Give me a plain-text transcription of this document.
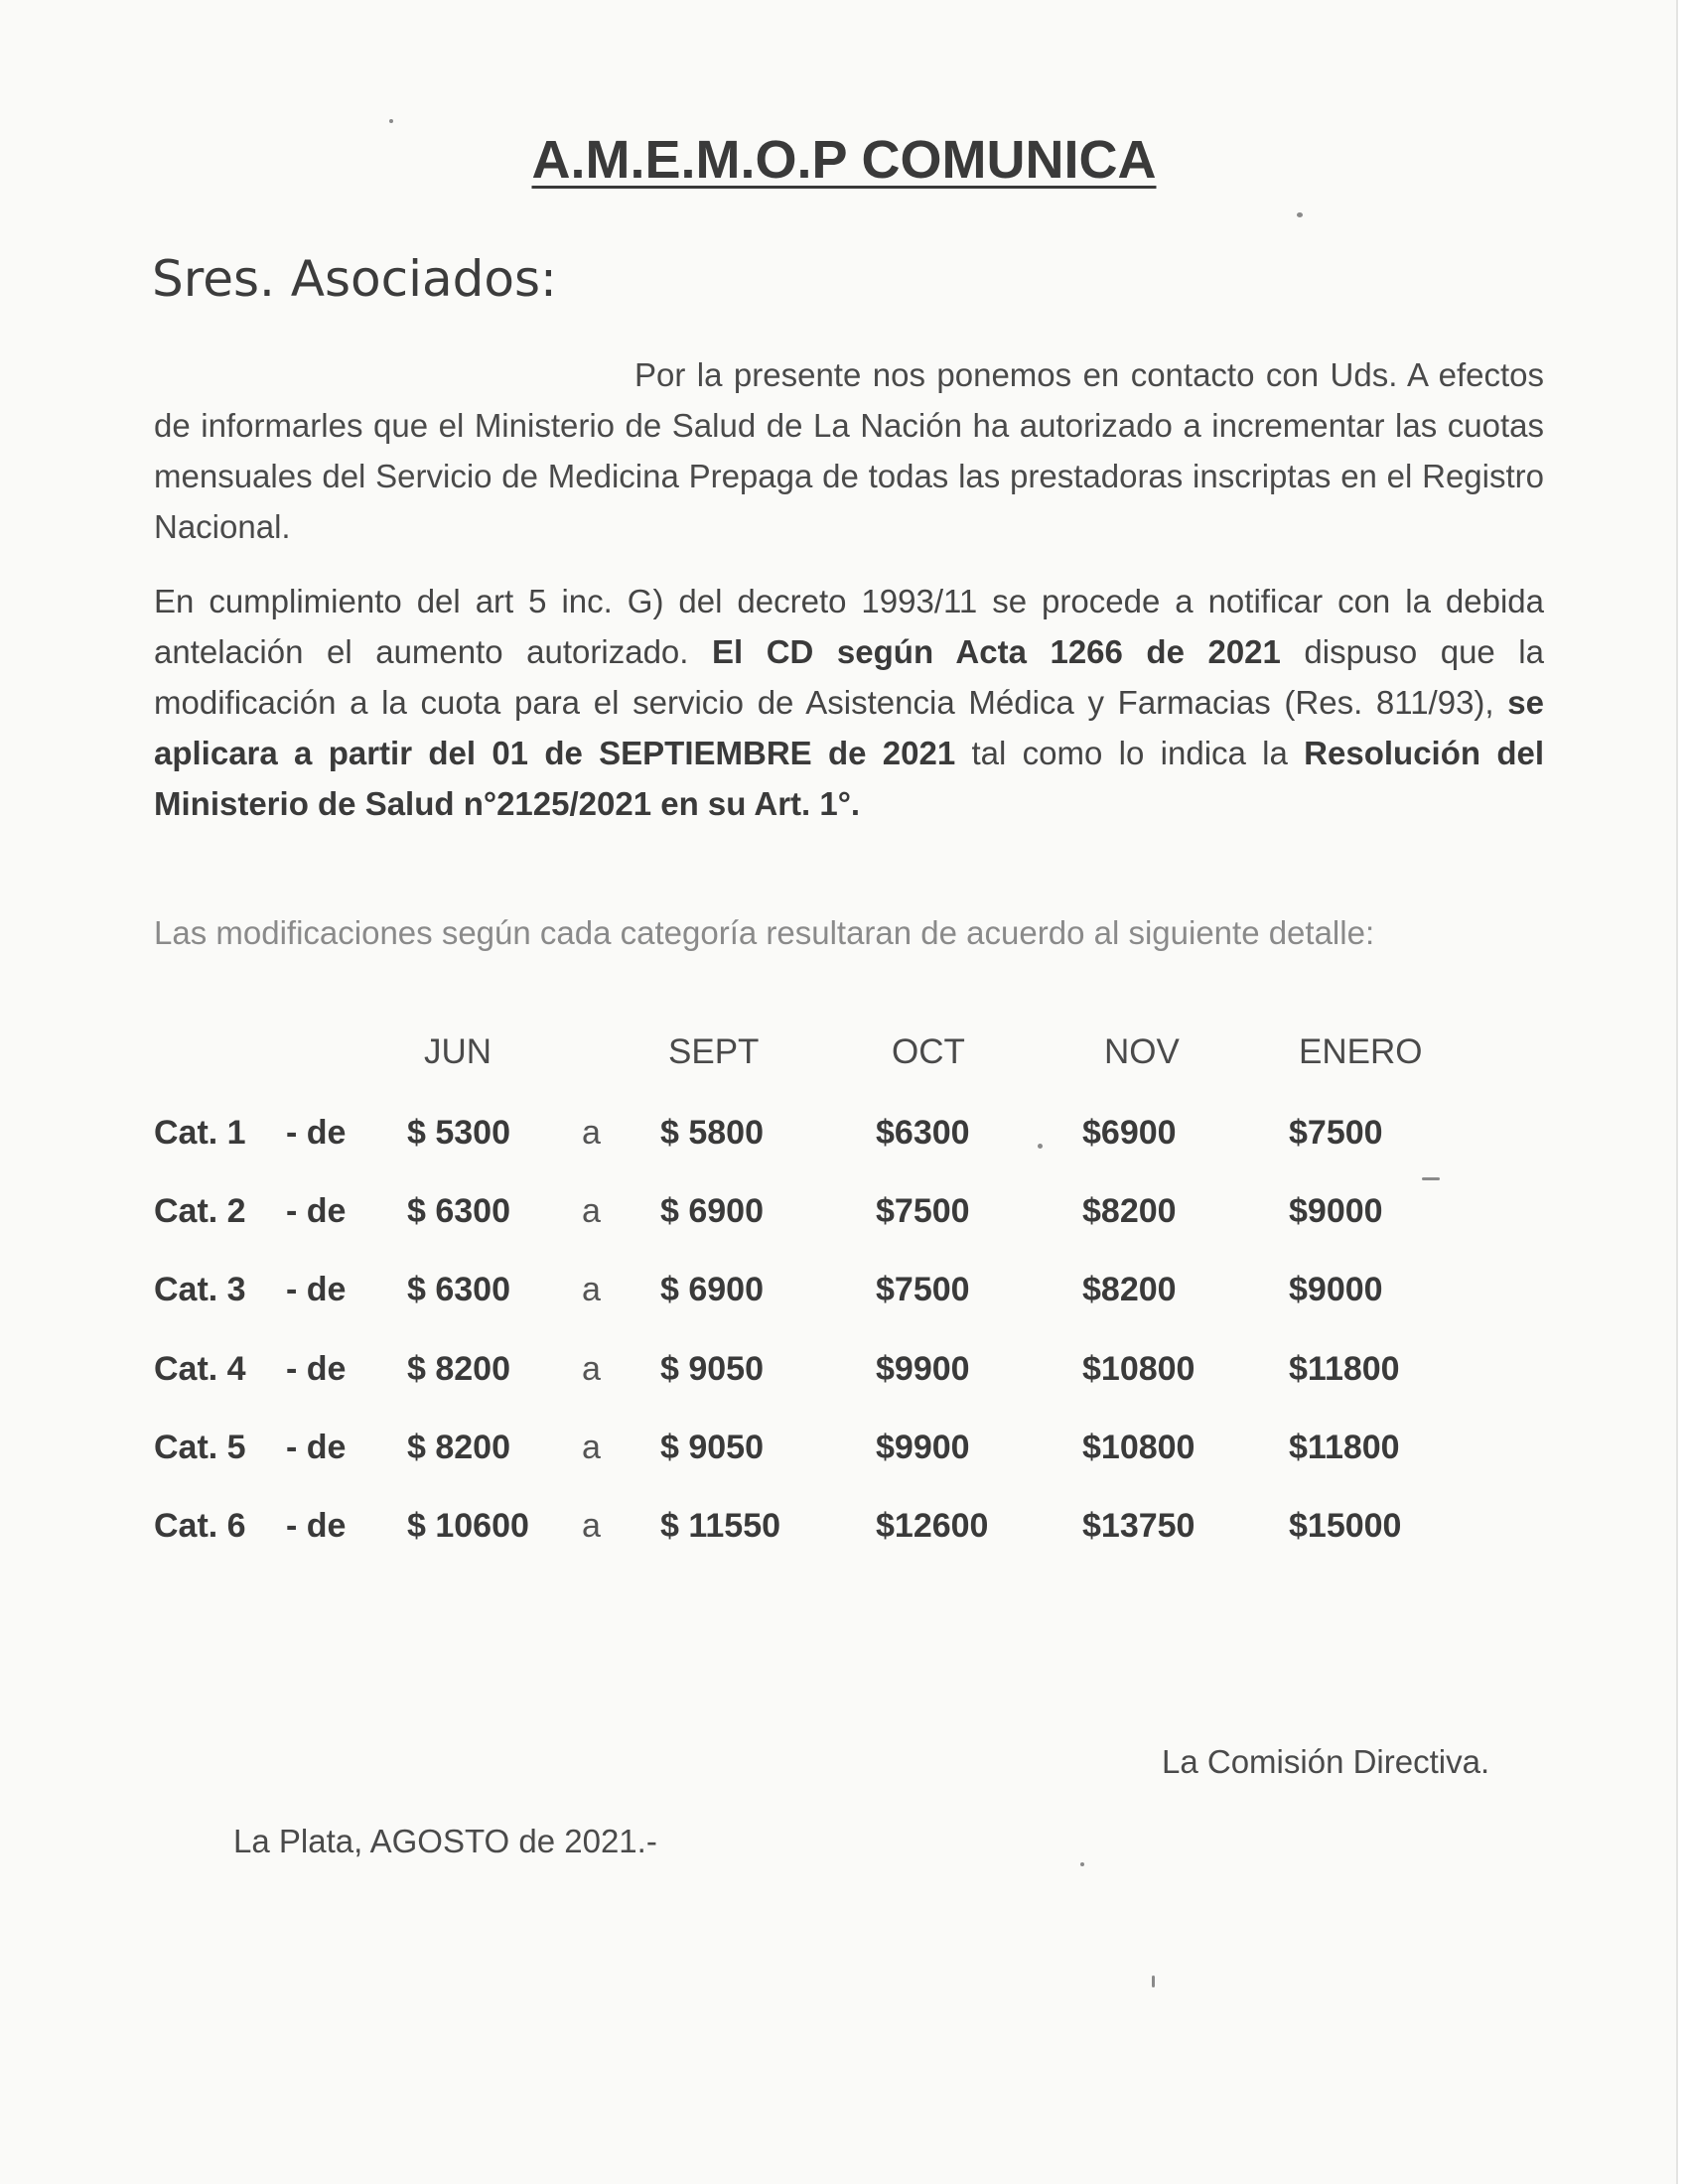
A.M.E.M.O.P COMUNICA
Sres. Asociados:
Por la presente nos ponemos en contacto con Uds. A efectos de informarles que el Ministerio de Salud de La Nación ha autorizado a incrementar las cuotas mensuales del Servicio de Medicina Prepaga de todas las prestadoras inscriptas en el Registro Nacional.
En cumplimiento del art 5 inc. G) del decreto 1993/11 se procede a notificar con la debida antelación el aumento autorizado. El CD según Acta 1266 de 2021 dispuso que la modificación a la cuota para el servicio de Asistencia Médica y Farmacias (Res. 811/93), se aplicara a partir del 01 de SEPTIEMBRE de 2021 tal como lo indica la Resolución del Ministerio de Salud n°2125/2021 en su Art. 1°.
Las modificaciones según cada categoría resultaran de acuerdo al siguiente detalle:
JUN	SEPT	OCT	NOV	ENERO
Cat. 1 - de $ 5300 a $ 5800	$6300	$6900	$7500
Cat. 2 - de $ 6300 a $ 6900	$7500	$8200	$9000
Cat. 3 - de $ 6300 a $ 6900	$7500	$8200	$9000
Cat. 4 - de $ 8200 a $ 9050	$9900	$10800	$11800
Cat. 5 - de $ 8200 a $ 9050	$9900	$10800	$11800
Cat. 6 - de $ 10600 a $ 11550	$12600	$13750	$15000
La Comisión Directiva.
La Plata, AGOSTO de 2021.-
